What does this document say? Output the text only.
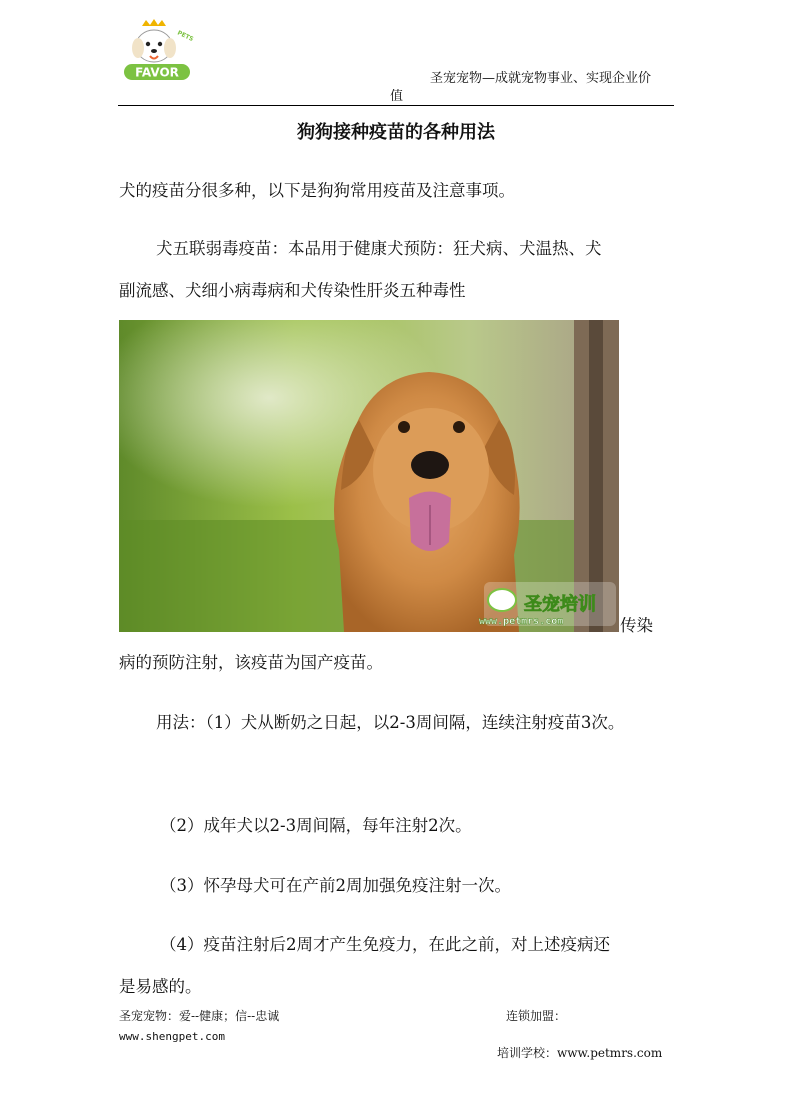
FAVOR
PETS
圣宠宠物—成就宠物事业、实现企业价
值
狗狗接种疫苗的各种用法
犬的疫苗分很多种，以下是狗狗常用疫苗及注意事项。
犬五联弱毒疫苗：本品用于健康犬预防：狂犬病、犬温热、犬
副流感、犬细小病毒病和犬传染性肝炎五种毒性
圣宠培训
www.petmrs.com	传染
病的预防注射，该疫苗为国产疫苗。
用法：（1）犬从断奶之日起，以2-3周间隔，连续注射疫苗3次。
（2）成年犬以2-3周间隔，每年注射2次。
（3）怀孕母犬可在产前2周加强免疫注射一次。
（4）疫苗注射后2周才产生免疫力，在此之前，对上述疫病还
是易感的。
圣宠宠物：爱--健康；信--忠诚
www.shengpet.com
连锁加盟：
培训学校：www.petmrs.com
